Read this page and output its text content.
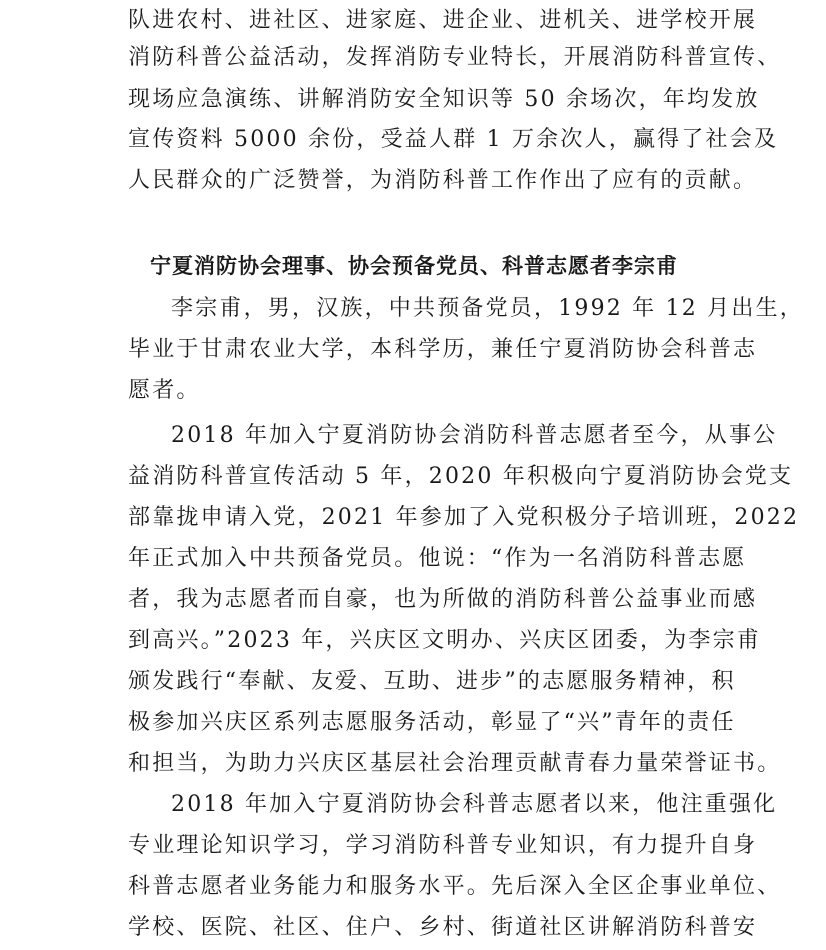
队进农村、进社区、进家庭、进企业、进机关、进学校开展
消防科普公益活动，发挥消防专业特长，开展消防科普宣传、
现场应急演练、讲解消防安全知识等 50 余场次，年均发放
宣传资料 5000 余份，受益人群 1 万余次人，赢得了社会及
人民群众的广泛赞誉，为消防科普工作作出了应有的贡献。
宁夏消防协会理事、协会预备党员、科普志愿者李宗甫
李宗甫，男，汉族，中共预备党员，1992 年 12 月出生，
毕业于甘肃农业大学，本科学历，兼任宁夏消防协会科普志
愿者。
2018 年加入宁夏消防协会消防科普志愿者至今，从事公
益消防科普宣传活动 5 年，2020 年积极向宁夏消防协会党支
部靠拢申请入党，2021 年参加了入党积极分子培训班，2022
年正式加入中共预备党员。他说：“作为一名消防科普志愿
者，我为志愿者而自豪，也为所做的消防科普公益事业而感
到高兴。”2023 年，兴庆区文明办、兴庆区团委，为李宗甫
颁发践行“奉献、友爱、互助、进步”的志愿服务精神，积
极参加兴庆区系列志愿服务活动，彰显了“兴”青年的责任
和担当，为助力兴庆区基层社会治理贡献青春力量荣誉证书。
2018 年加入宁夏消防协会科普志愿者以来，他注重强化
专业理论知识学习，学习消防科普专业知识，有力提升自身
科普志愿者业务能力和服务水平。先后深入全区企事业单位、
学校、医院、社区、住户、乡村、街道社区讲解消防科普安
